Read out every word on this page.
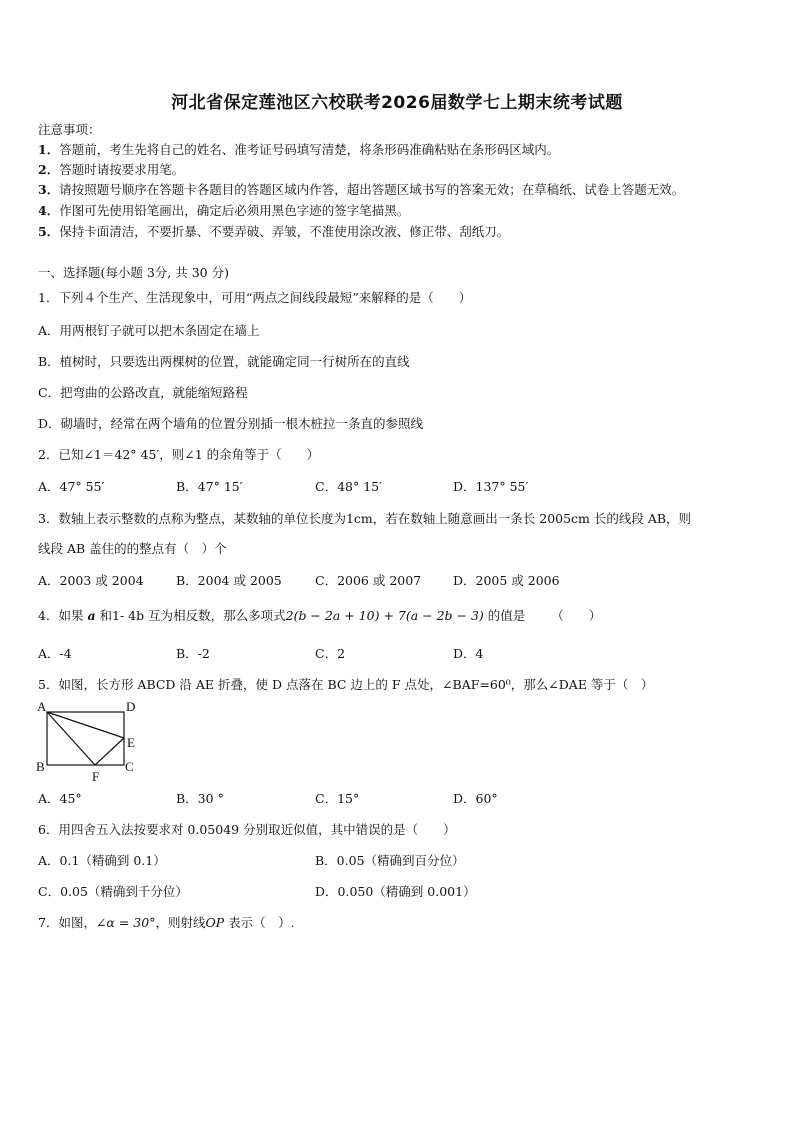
河北省保定莲池区六校联考2026届数学七上期末统考试题
注意事项：
1．答题前，考生先将自己的姓名、准考证号码填写清楚，将条形码准确粘贴在条形码区域内。
2．答题时请按要求用笔。
3．请按照题号顺序在答题卡各题目的答题区域内作答，超出答题区域书写的答案无效；在草稿纸、试卷上答题无效。
4．作图可先使用铅笔画出，确定后必须用黑色字迹的签字笔描黑。
5．保持卡面清洁，不要折暴、不要弄破、弄皱，不准使用涂改液、修正带、刮纸刀。
一、选择题(每小题 3分, 共 30 分)
1．下列４个生产、生活现象中，可用“两点之间线段最短”来解释的是（　　）
A．用两根钉子就可以把木条固定在墙上
B．植树时，只要选出两棵树的位置，就能确定同一行树所在的直线
C．把弯曲的公路改直，就能缩短路程
D．砌墙时，经常在两个墙角的位置分别插一根木桩拉一条直的参照线
2．已知∠1＝42° 45′，则∠1 的余角等于（　　）
A．47° 55′	B．47° 15′	C．48° 15′	D．137° 55′
3．数轴上表示整数的点称为整点，某数轴的单位长度为1cm，若在数轴上随意画出一条长 2005cm 长的线段 AB，则
线段 AB 盖住的的整点有（　）个
A．2003 或 2004	B．2004 或 2005	C．2006 或 2007	D．2005 或 2006
4．如果 a 和1- 4b 互为相反数，那么多项式2(b − 2a + 10) + 7(a − 2b − 3) 的值是 （　　）
A．-4	B．-2	C．2	D．4
5．如图，长方形 ABCD 沿 AE 折叠，使 D 点落在 BC 边上的 F 点处，∠BAF=60⁰，那么∠DAE 等于（　）
A	D
E
B	C
F
A．45°	B．30 °	C．15°	D．60°
6．用四舍五入法按要求对 0.05049 分别取近似值，其中错误的是（　　）
A．0.1（精确到 0.1）	B．0.05（精确到百分位）
C．0.05（精确到千分位）	D．0.050（精确到 0.001）
7．如图，∠α = 30°，则射线OP 表示（　）.
